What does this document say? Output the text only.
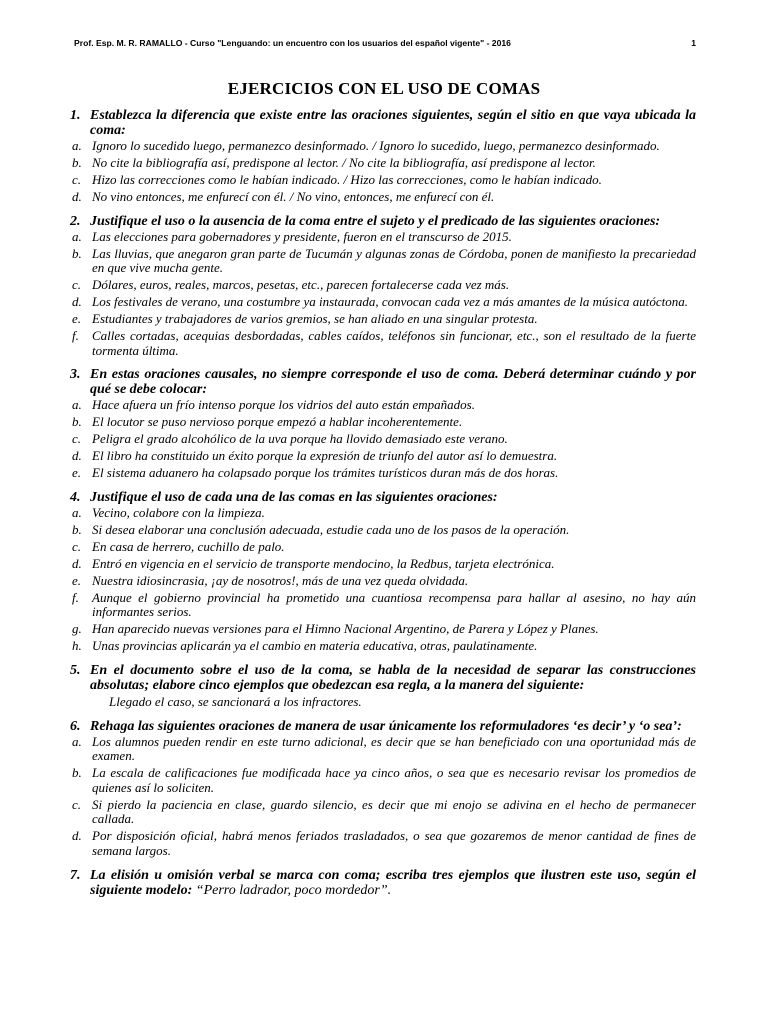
Prof. Esp. M. R. RAMALLO - Curso "Lenguando: un encuentro con los usuarios del español vigente" - 2016	1
EJERCICIOS CON EL USO DE COMAS
1. Establezca la diferencia que existe entre las oraciones siguientes, según el sitio en que vaya ubicada la coma:
a. Ignoro lo sucedido luego, permanezco desinformado. / Ignoro lo sucedido, luego, permanezco desinformado.
b. No cite la bibliografía así, predispone al lector. / No cite la bibliografía, así predispone al lector.
c. Hizo las correcciones como le habían indicado. / Hizo las correcciones, como le habían indicado.
d. No vino entonces, me enfurecí con él. / No vino, entonces, me enfurecí con él.
2. Justifique el uso o la ausencia de la coma entre el sujeto y el predicado de las siguientes oraciones:
a. Las elecciones para gobernadores y presidente, fueron en el transcurso de 2015.
b. Las lluvias, que anegaron gran parte de Tucumán y algunas zonas de Córdoba, ponen de manifiesto la precariedad en que vive mucha gente.
c. Dólares, euros, reales, marcos, pesetas, etc., parecen fortalecerse cada vez más.
d. Los festivales de verano, una costumbre ya instaurada, convocan cada vez a más amantes de la música autóctona.
e. Estudiantes y trabajadores de varios gremios, se han aliado en una singular protesta.
f.	Calles cortadas, acequias desbordadas, cables caídos, teléfonos sin funcionar, etc., son el resultado de la fuerte tormenta última.
3. En estas oraciones causales, no siempre corresponde el uso de coma. Deberá determinar cuándo y por qué se debe colocar:
a. Hace afuera un frío intenso porque los vidrios del auto están empañados.
b. El locutor se puso nervioso porque empezó a hablar incoherentemente.
c. Peligra el grado alcohólico de la uva porque ha llovido demasiado este verano.
d. El libro ha constituido un éxito porque la expresión de triunfo del autor así lo demuestra.
e. El sistema aduanero ha colapsado porque los trámites turísticos duran más de dos horas.
4. Justifique el uso de cada una de las comas en las siguientes oraciones:
a. Vecino, colabore con la limpieza.
b. Si desea elaborar una conclusión adecuada, estudie cada uno de los pasos de la operación.
c. En casa de herrero, cuchillo de palo.
d. Entró en vigencia en el servicio de transporte mendocino, la Redbus, tarjeta electrónica.
e. Nuestra idiosincrasia, ¡ay de nosotros!, más de una vez queda olvidada.
f.	Aunque el gobierno provincial ha prometido una cuantiosa recompensa para hallar al asesino, no hay aún informantes serios.
g. Han aparecido nuevas versiones para el Himno Nacional Argentino, de Parera y López y Planes.
h. Unas provincias aplicarán ya el cambio en materia educativa, otras, paulatinamente.
5. En el documento sobre el uso de la coma, se habla de la necesidad de separar las construcciones absolutas; elabore cinco ejemplos que obedezcan esa regla, a la manera del siguiente:
Llegado el caso, se sancionará a los infractores.
6. Rehaga las siguientes oraciones de manera de usar únicamente los reformuladores ‘es decir’ y ‘o sea’:
a. Los alumnos pueden rendir en este turno adicional, es decir que se han beneficiado con una oportunidad más de examen.
b. La escala de calificaciones fue modificada hace ya cinco años, o sea que es necesario revisar los promedios de quienes así lo soliciten.
c. Si pierdo la paciencia en clase, guardo silencio, es decir que mi enojo se adivina en el hecho de permanecer callada.
d. Por disposición oficial, habrá menos feriados trasladados, o sea que gozaremos de menor cantidad de fines de semana largos.
7. La elisión u omisión verbal se marca con coma; escriba tres ejemplos que ilustren este uso, según el siguiente modelo: “Perro ladrador, poco mordedor”.
